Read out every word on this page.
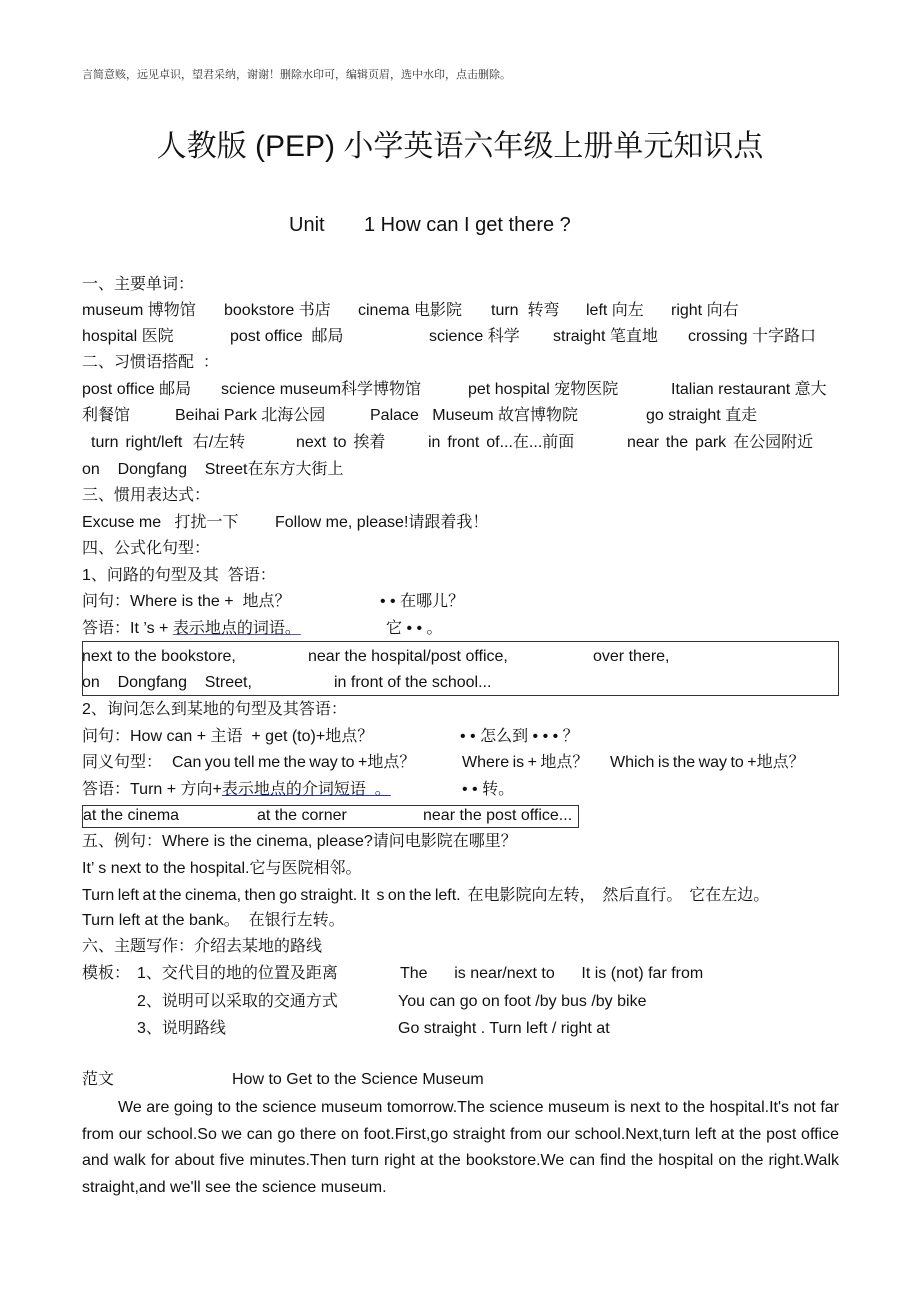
言简意赅，远见卓识，望君采纳，谢谢！删除水印可，编辑页眉，选中水印，点击删除。
人教版 (PEP) 小学英语六年级上册单元知识点
Unit 1 How can I get there ?
一、主要单词：
museum 博物馆	bookstore 书店	cinema 电影院	turn  转弯	left 向左	right 向右
hospital 医院	post office  邮局	science 科学	straight 笔直地	crossing 十字路口
二、习惯语搭配  ：
post office 邮局	science museum科学博物馆	pet hospital 宠物医院	Italian restaurant 意大
利餐馆	Beihai Park 北海公园	Palace   Museum 故宫博物院	go straight 直走
turn  right/left   右/左转	next  to  挨着	in  front  of...在...前面	near  the  park  在公园附近
on    Dongfang    Street在东方大街上
三、惯用表达式：
Excuse me   打扰一下	Follow me, please!请跟着我！
四、公式化句型：
1、问路的句型及其  答语：
问句：Where is the +  地点？	• • 在哪儿？
答语：It ’s + 表示地点的词语。	它 • • 。
next to the bookstore,	near the hospital/post office,	over there,
on    Dongfang    Street,	in front of the school...
2、询问怎么到某地的句型及其答语：
问句：How can + 主语  + get (to)+地点？	• • 怎么到 • • • ？
同义句型： Can you tell me the way to +地点？	Where is + 地点？	Which is the way to +地点？
答语：Turn + 方向+表示地点的介词短语  。	• • 转。
at the cinema	at the corner	near the post office...
五、例句：Where is the cinema, please?请问电影院在哪里？
It’ s next to the hospital.它与医院相邻。
Turn left at the cinema, then go straight. It  s on the left.  在电影院向左转，  然后直行。  它在左边。
Turn left at the bank。  在银行左转。
六、主题写作：介绍去某地的路线
模板： 1、交代目的地的位置及距离	The      is near/next to      It is (not) far from
2、说明可以采取的交通方式	You can go on foot /by bus /by bike
3、说明路线	Go straight . Turn left / right at
范文	How to Get to the Science Museum
We are going to the science museum tomorrow.The science museum is next to the hospital.It's not far from our school.So we can go there on foot.First,go straight from our school.Next,turn left at the post office and walk for about five minutes.Then turn right at the bookstore.We can find the hospital on the right.Walk straight,and we'll see the science museum.
